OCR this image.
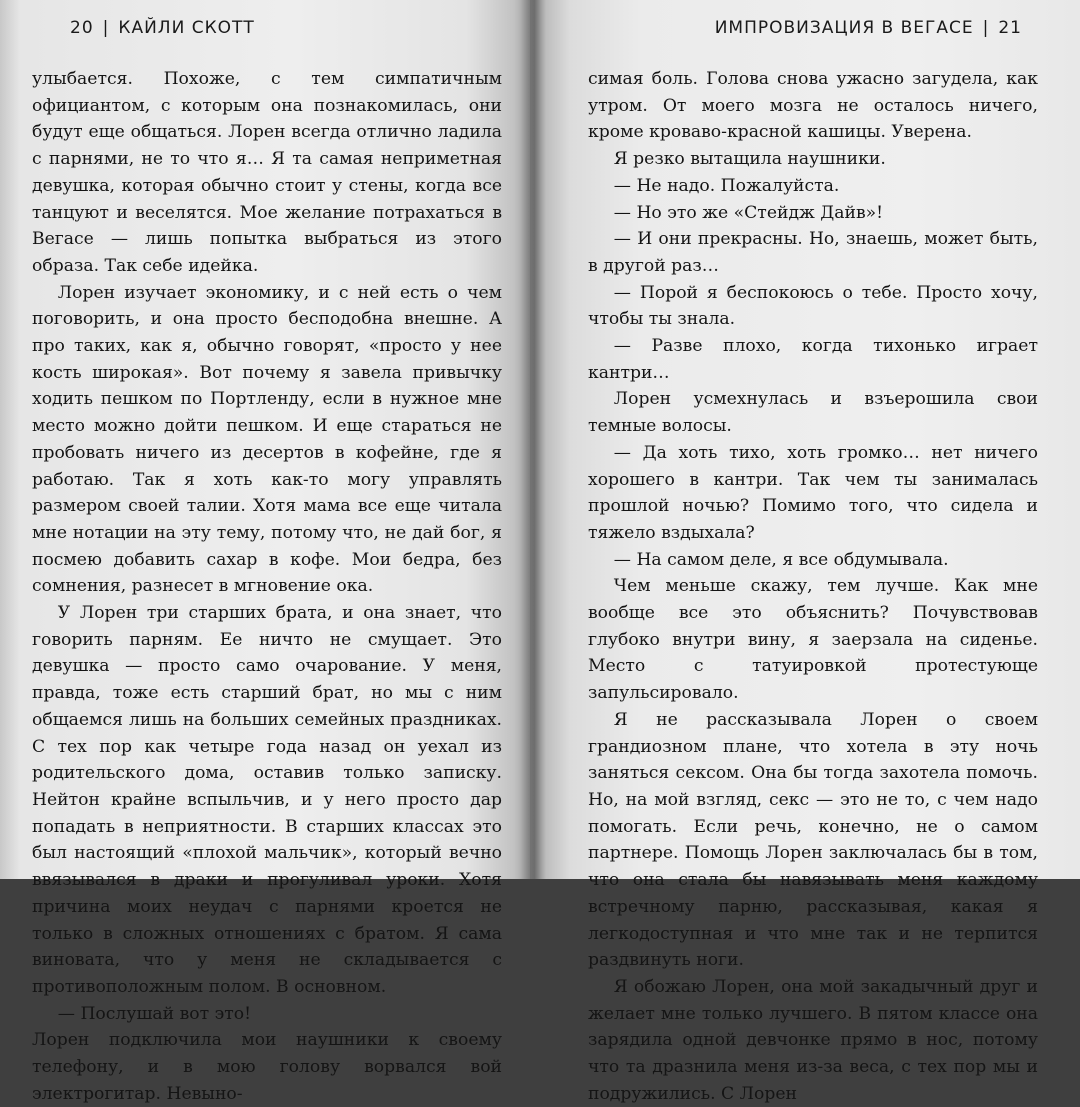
20 | КАЙЛИ СКОТТ

улыбается. Похоже, с тем симпатичным официантом, с которым она познакомилась, они будут еще общаться. Лорен всегда отлично ладила с парнями, не то что я… Я та самая неприметная девушка, которая обычно стоит у стены, когда все танцуют и веселятся. Мое желание потрахаться в Вегасе — лишь попытка выбраться из этого образа. Так себе идейка.

Лорен изучает экономику, и с ней есть о чем поговорить, и она просто бесподобна внешне. А про таких, как я, обычно говорят, «просто у нее кость широкая». Вот почему я завела привычку ходить пешком по Портленду, если в нужное мне место можно дойти пешком. И еще стараться не пробовать ничего из десертов в кофейне, где я работаю. Так я хоть как-то могу управлять размером своей талии. Хотя мама все еще читала мне нотации на эту тему, потому что, не дай бог, я посмею добавить сахар в кофе. Мои бедра, без сомнения, разнесет в мгновение ока.

У Лорен три старших брата, и она знает, что говорить парням. Ее ничто не смущает. Это девушка — просто само очарование. У меня, правда, тоже есть старший брат, но мы с ним общаемся лишь на больших семейных праздниках. С тех пор как четыре года назад он уехал из родительского дома, оставив только записку. Нейтон крайне вспыльчив, и у него просто дар попадать в неприятности. В старших классах это был настоящий «плохой мальчик», который вечно ввязывался в драки и прогуливал уроки. Хотя причина моих неудач с парнями кроется не только в сложных отношениях с братом. Я сама виновата, что у меня не складывается с противоположным полом. В основном.

— Послушай вот это!

Лорен подключила мои наушники к своему телефону, и в мою голову ворвался вой электрогитар. Невыно-

ИМПРОВИЗАЦИЯ В ВЕГАСЕ | 21

симая боль. Голова снова ужасно загудела, как утром. От моего мозга не осталось ничего, кроме кроваво-красной кашицы. Уверена.

Я резко вытащила наушники.

— Не надо. Пожалуйста.

— Но это же «Стейдж Дайв»!

— И они прекрасны. Но, знаешь, может быть, в другой раз…

— Порой я беспокоюсь о тебе. Просто хочу, чтобы ты знала.

— Разве плохо, когда тихонько играет кантри…

Лорен усмехнулась и взъерошила свои темные волосы.

— Да хоть тихо, хоть громко… нет ничего хорошего в кантри. Так чем ты занималась прошлой ночью? Помимо того, что сидела и тяжело вздыхала?

— На самом деле, я все обдумывала.

Чем меньше скажу, тем лучше. Как мне вообще все это объяснить? Почувствовав глубоко внутри вину, я заерзала на сиденье. Место с татуировкой протестующе запульсировало.

Я не рассказывала Лорен о своем грандиозном плане, что хотела в эту ночь заняться сексом. Она бы тогда захотела помочь. Но, на мой взгляд, секс — это не то, с чем надо помогать. Если речь, конечно, не о самом партнере. Помощь Лорен заключалась бы в том, что она стала бы навязывать меня каждому встречному парню, рассказывая, какая я легкодоступная и что мне так и не терпится раздвинуть ноги.

Я обожаю Лорен, она мой закадычный друг и желает мне только лучшего. В пятом классе она зарядила одной девчонке прямо в нос, потому что та дразнила меня из-за веса, с тех пор мы и подружились. С Лорен
